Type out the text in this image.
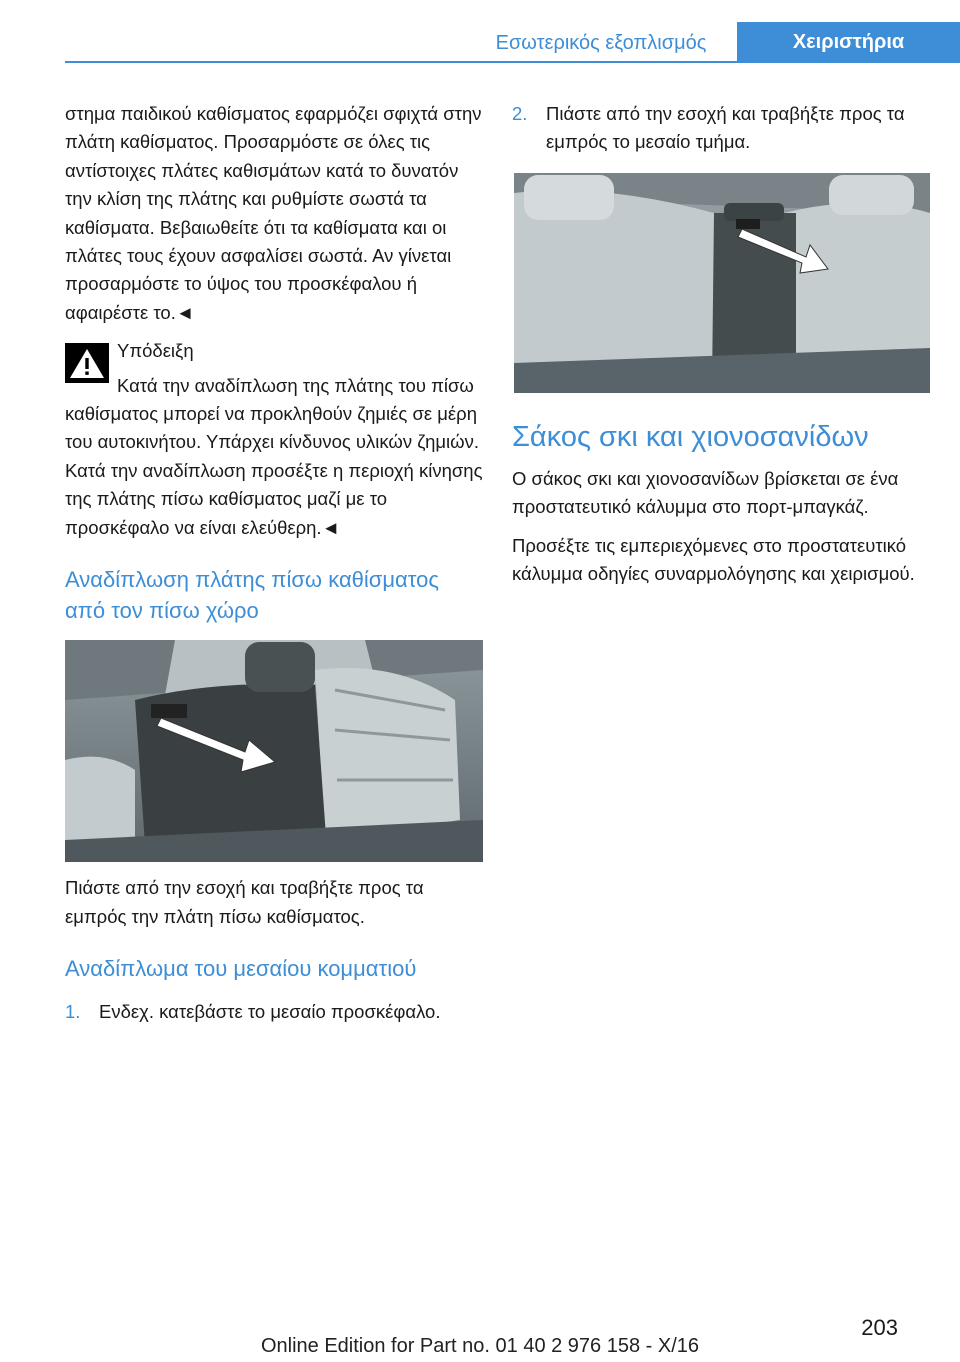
Εσωτερικός εξοπλισμός	Χειριστήρια

στημα παιδικού καθίσματος εφαρμόζει σφιχτά στην πλάτη καθίσματος. Προσαρμόστε σε όλες τις αντίστοιχες πλάτες καθισμάτων κατά το δυνατόν την κλίση της πλάτης και ρυθμίστε σωστά τα καθίσματα. Βεβαιωθείτε ότι τα καθίσματα και οι πλάτες τους έχουν ασφαλίσει σωστά. Αν γίνεται προσαρμόστε το ύψος του προσκέφαλου ή αφαιρέστε το.◄

Υπόδειξη
Κατά την αναδίπλωση της πλάτης του πίσω καθίσματος μπορεί να προκληθούν ζημιές σε μέρη του αυτοκινήτου. Υπάρχει κίνδυνος υλικών ζημιών. Κατά την αναδίπλωση προσέξτε η περιοχή κίνησης της πλάτης πίσω καθίσματος μαζί με το προσκέφαλο να είναι ελεύθερη.◄
Αναδίπλωση πλάτης πίσω καθίσματος από τον πίσω χώρο

Πιάστε από την εσοχή και τραβήξτε προς τα εμπρός την πλάτη πίσω καθίσματος.

Αναδίπλωμα του μεσαίου κομματιού
1. Ενδεχ. κατεβάστε το μεσαίο προσκέφαλο.
2. Πιάστε από την εσοχή και τραβήξτε προς τα εμπρός το μεσαίο τμήμα.
Σάκος σκι και χιονοσανίδων

Ο σάκος σκι και χιονοσανίδων βρίσκεται σε ένα προστατευτικό κάλυμμα στο πορτ-μπαγκάζ.

Προσέξτε τις εμπεριεχόμενες στο προστατευτικό κάλυμμα οδηγίες συναρμολόγησης και χειρισμού.

203
Online Edition for Part no. 01 40 2 976 158 - X/16
